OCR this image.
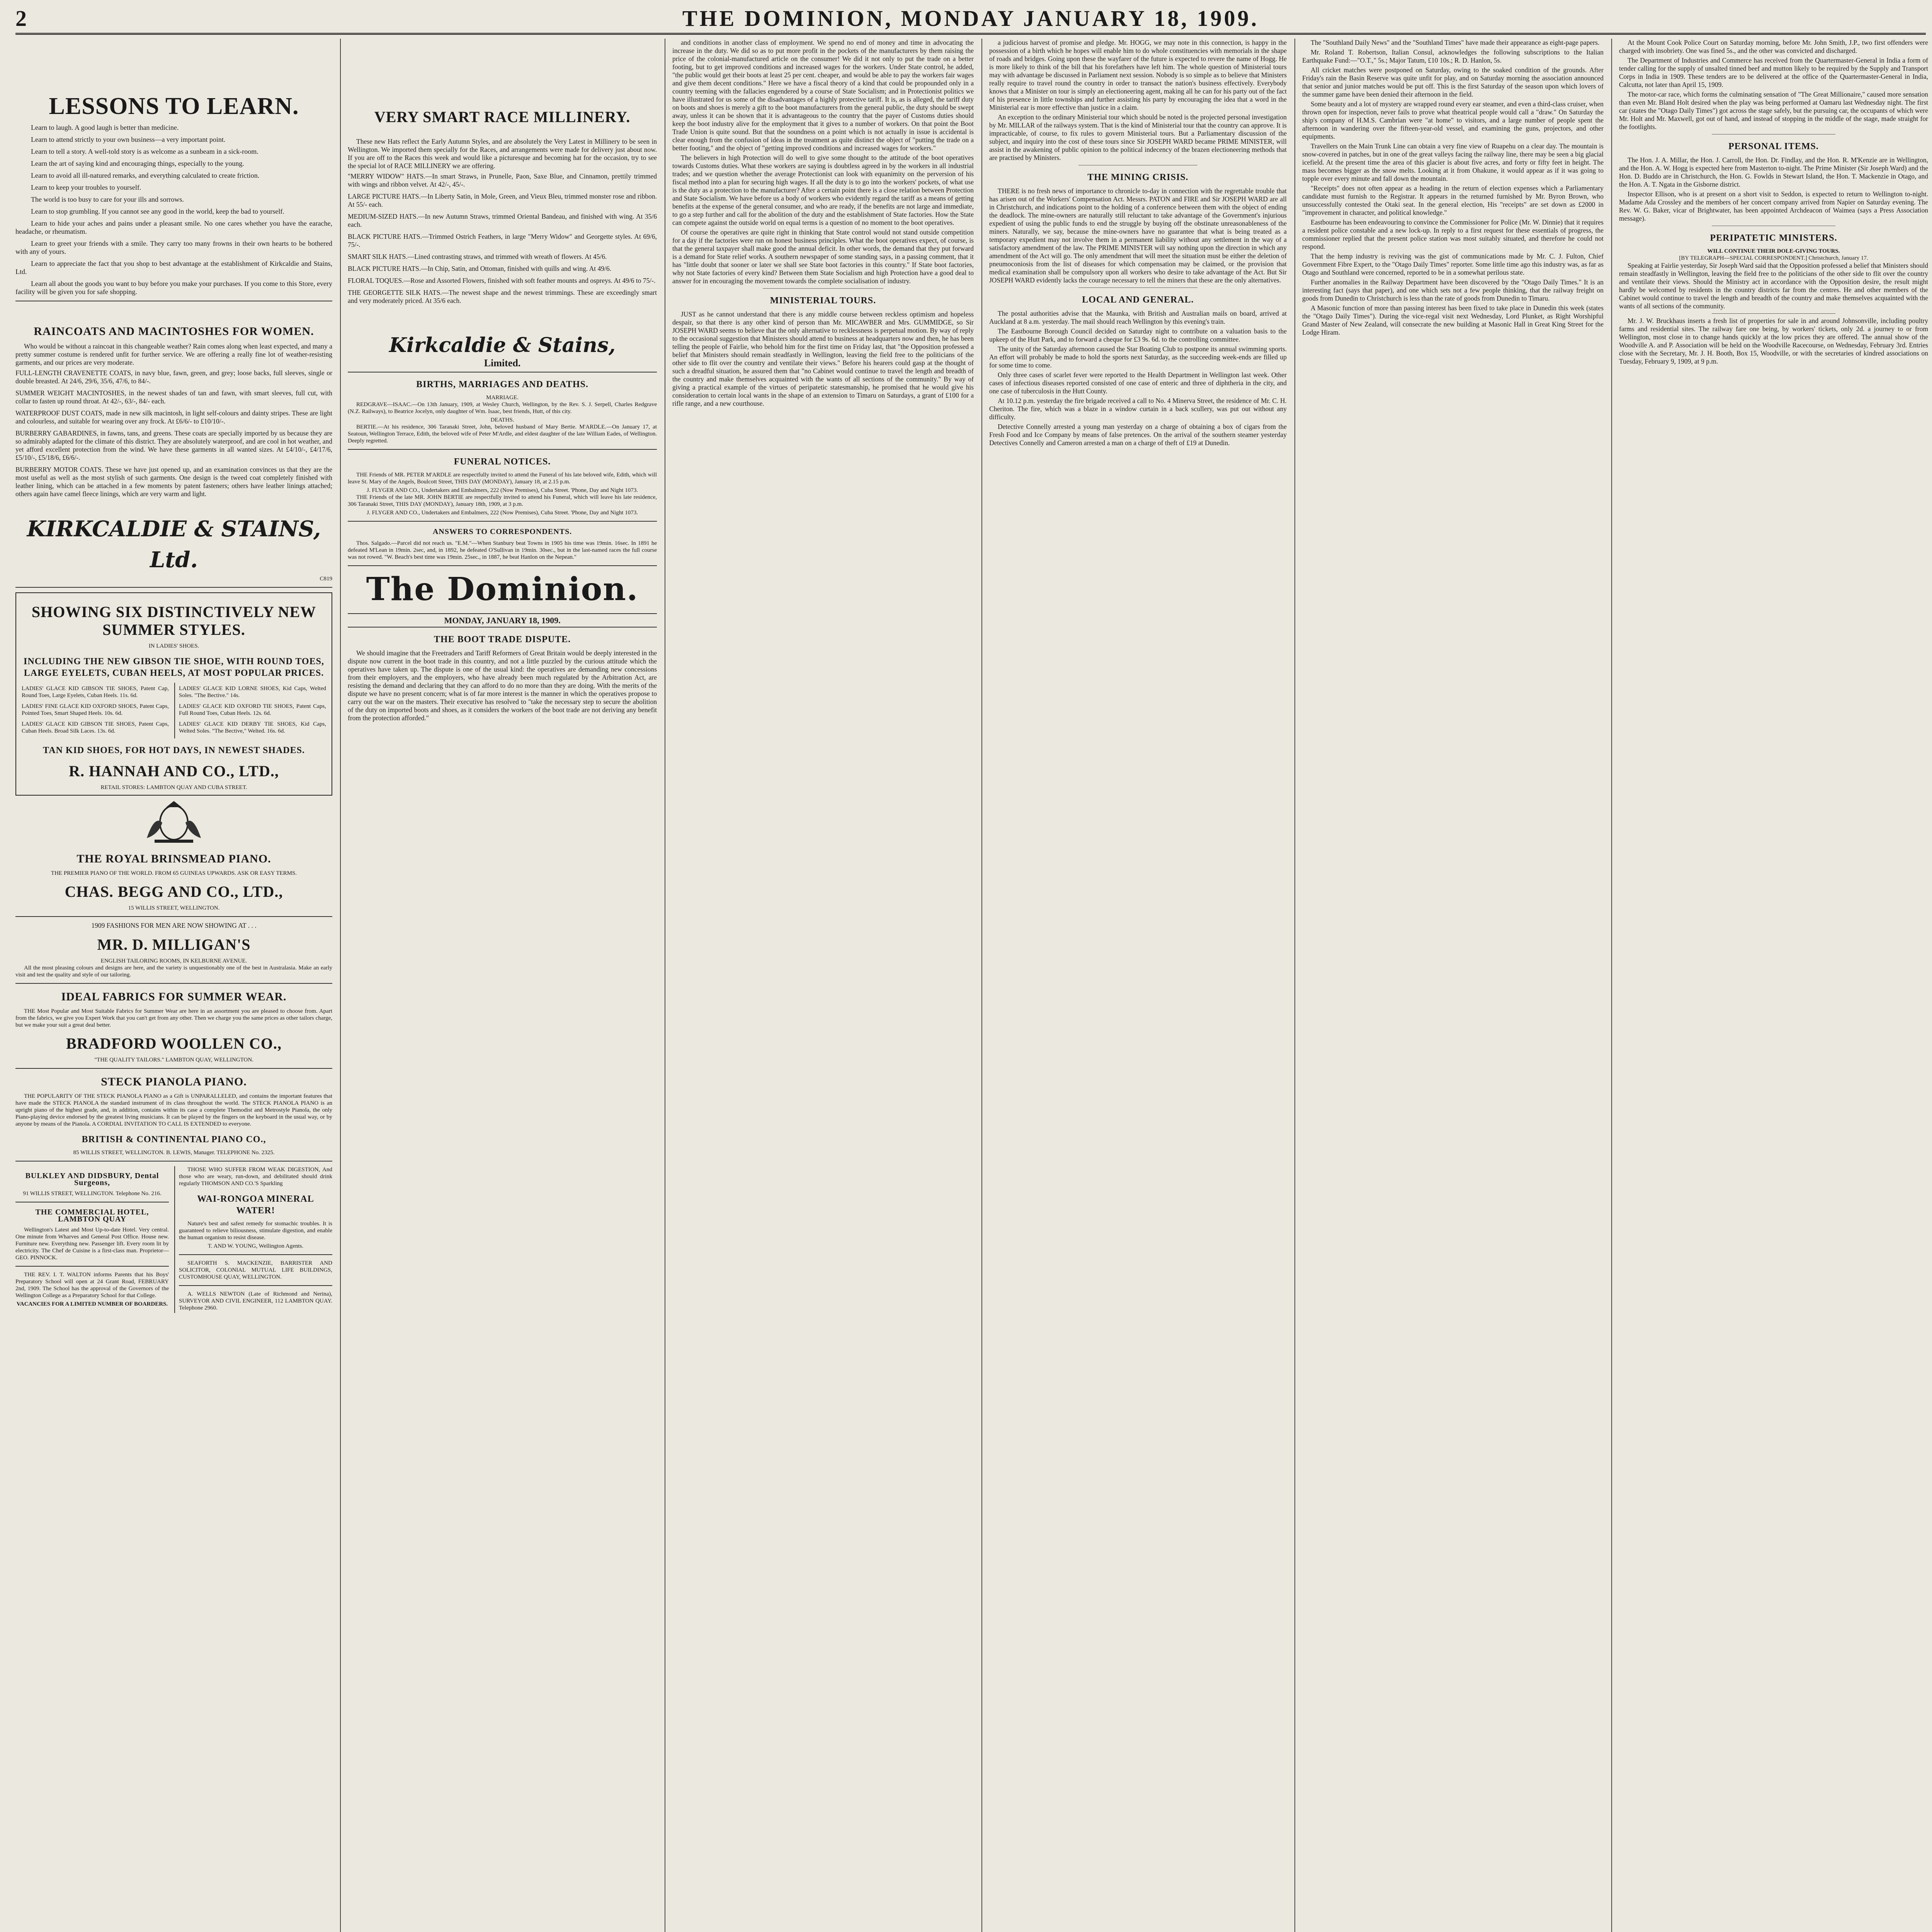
2	THE DOMINION, MONDAY JANUARY 18, 1909.
LESSONS TO LEARN.
Learn to laugh. A good laugh is better than medicine.
Learn to attend strictly to your own business—a very important point.
Learn to tell a story. A well-told story is as welcome as a sunbeam in a sick-room.
Learn the art of saying kind and encouraging things, especially to the young.
Learn to avoid all ill-natured remarks, and everything calculated to create friction.
Learn to keep your troubles to yourself.
The world is too busy to care for your ills and sorrows.
Learn to stop grumbling. If you cannot see any good in the world, keep the bad to yourself.
Learn to hide your aches and pains under a pleasant smile. No one cares whether you have the earache, headache, or rheumatism.
Learn to greet your friends with a smile. They carry too many frowns in their own hearts to be bothered with any of yours.
Learn to appreciate the fact that you shop to best advantage at the establishment of Kirkcaldie and Stains, Ltd.
Learn all about the goods you want to buy before you make your purchases. If you come to this Store, every facility will be given you for safe shopping.
RAINCOATS AND MACINTOSHES FOR WOMEN.

Who would be without a raincoat in this changeable weather? Rain comes along when least expected, and many a pretty summer costume is rendered unfit for further service. We are offering a really fine lot of weather-resisting garments, and our prices are very moderate.

FULL-LENGTH CRAVENETTE COATS, in navy blue, fawn, green, and grey; loose backs, full sleeves, single or double breasted. At 24/6, 29/6, 35/6, 47/6, to 84/-.
SUMMER WEIGHT MACINTOSHES, in the newest shades of tan and fawn, with smart sleeves, full cut, with collar to fasten up round throat. At 42/-, 63/-, 84/- each.
WATERPROOF DUST COATS, made in new silk macintosh, in light self-colours and dainty stripes. These are light and colourless, and suitable for wearing over any frock. At £6/6/- to £10/10/-.
BURBERRY GABARDINES, in fawns, tans, and greens. These coats are specially imported by us because they are so admirably adapted for the climate of this district. They are absolutely waterproof, and are cool in hot weather, and yet afford excellent protection from the wind. We have these garments in all wanted sizes. At £4/10/-, £4/17/6, £5/10/-, £5/18/6, £6/6/-.
BURBERRY MOTOR COATS. These we have just opened up, and an examination convinces us that they are the most useful as well as the most stylish of such garments. One design is the tweed coat completely finished with leather lining, which can be attached in a few moments by patent fasteners; others have leather linings attached; others again have camel fleece linings, which are very warm and light.
KIRKCALDIE & STAINS, Ltd.
C819
SHOWING SIX DISTINCTIVELY NEW SUMMER STYLES.
IN LADIES' SHOES.
INCLUDING THE NEW GIBSON TIE SHOE, WITH ROUND TOES, LARGE EYELETS, CUBAN HEELS, AT MOST POPULAR PRICES.
LADIES' GLACE KID GIBSON TIE SHOES, Patent Cap, Round Toes, Large Eyelets, Cuban Heels. 11s. 6d.
LADIES' FINE GLACE KID OXFORD SHOES, Patent Caps, Pointed Toes, Smart Shaped Heels. 10s. 6d.
LADIES' GLACE KID GIBSON TIE SHOES, Patent Caps, Cuban Heels. Broad Silk Laces. 13s. 6d.
LADIES' GLACE KID LORNE SHOES, Kid Caps, Welted Soles. "The Bective." 14s.
LADIES' GLACE KID OXFORD TIE SHOES, Patent Caps, Full Round Toes, Cuban Heels. 12s. 6d.
LADIES' GLACE KID DERBY TIE SHOES, Kid Caps, Welted Soles. "The Bective," Welted. 16s. 6d.
TAN KID SHOES, FOR HOT DAYS, IN NEWEST SHADES.
R. HANNAH AND CO., LTD.,
RETAIL STORES: LAMBTON QUAY AND CUBA STREET.
THE ROYAL BRINSMEAD PIANO.
THE PREMIER PIANO OF THE WORLD. FROM 65 GUINEAS UPWARDS. ASK OR EASY TERMS.
CHAS. BEGG AND CO., LTD.,
15 WILLIS STREET, WELLINGTON.
1909 FASHIONS FOR MEN ARE NOW SHOWING AT . . .
MR. D. MILLIGAN'S
ENGLISH TAILORING ROOMS, IN KELBURNE AVENUE.

All the most pleasing colours and designs are here, and the variety is unquestionably one of the best in Australasia. Make an early visit and test the quality and style of our tailoring.

IDEAL FABRICS FOR SUMMER WEAR.

THE Most Popular and Most Suitable Fabrics for Summer Wear are here in an assortment you are pleased to choose from. Apart from the fabrics, we give you Expert Work that you can't get from any other. Then we charge you the same prices as other tailors charge, but we make your suit a great deal better.

BRADFORD WOOLLEN CO.,
"THE QUALITY TAILORS." LAMBTON QUAY, WELLINGTON.
STECK PIANOLA PIANO.

THE POPULARITY OF THE STECK PIANOLA PIANO as a Gift is UNPARALLELED, and contains the important features that have made the STECK PIANOLA the standard instrument of its class throughout the world. The STECK PIANOLA PIANO is an upright piano of the highest grade, and, in addition, contains within its case a complete Themodist and Metrostyle Pianola, the only Piano-playing device endorsed by the greatest living musicians. It can be played by the fingers on the keyboard in the usual way, or by anyone by means of the Pianola. A CORDIAL INVITATION TO CALL IS EXTENDED to everyone.

BRITISH & CONTINENTAL PIANO CO.,
85 WILLIS STREET, WELLINGTON. B. LEWIS, Manager. TELEPHONE No. 2325.
BULKLEY AND DIDSBURY, Dental Surgeons,
91 WILLIS STREET, WELLINGTON. Telephone No. 216.
THE COMMERCIAL HOTEL, LAMBTON QUAY

Wellington's Latest and Most Up-to-date Hotel. Very central. One minute from Wharves and General Post Office. House new. Furniture new. Everything new. Passenger lift. Every room lit by electricity. The Chef de Cuisine is a first-class man. Proprietor—GEO. PINNOCK.

THE REV. I. T. WALTON informs Parents that his Boys' Preparatory School will open at 24 Grant Road, FEBRUARY 2nd, 1909. The School has the approval of the Governors of the Wellington College as a Preparatory School for that College.

VACANCIES FOR A LIMITED NUMBER OF BOARDERS.

THOSE WHO SUFFER FROM WEAK DIGESTION, And those who are weary, run-down, and debilitated should drink regularly THOMSON AND CO.'S Sparkling

WAI-RONGOA MINERAL WATER!

Nature's best and safest remedy for stomachic troubles. It is guaranteed to relieve biliousness, stimulate digestion, and enable the human organism to resist disease.

T. AND W. YOUNG, Wellington Agents.

SEAFORTH S. MACKENZIE, BARRISTER AND SOLICITOR, COLONIAL MUTUAL LIFE BUILDINGS, CUSTOMHOUSE QUAY, WELLINGTON.

A. WELLS NEWTON (Late of Richmond and Nerina), SURVEYOR AND CIVIL ENGINEER, 112 LAMBTON QUAY. Telephone 2960.

VERY SMART RACE MILLINERY.

These new Hats reflect the Early Autumn Styles, and are absolutely the Very Latest in Millinery to be seen in Wellington. We imported them specially for the Races, and arrangements were made for delivery just about now. If you are off to the Races this week and would like a picturesque and becoming hat for the occasion, try to see the special lot of RACE MILLINERY we are offering.

"MERRY WIDOW" HATS.—In smart Straws, in Prunelle, Paon, Saxe Blue, and Cinnamon, prettily trimmed with wings and ribbon velvet. At 42/-, 45/-.
LARGE PICTURE HATS.—In Liberty Satin, in Mole, Green, and Vieux Bleu, trimmed monster rose and ribbon. At 55/- each.
MEDIUM-SIZED HATS.—In new Autumn Straws, trimmed Oriental Bandeau, and finished with wing. At 35/6 each.
BLACK PICTURE HATS.—Trimmed Ostrich Feathers, in large "Merry Widow" and Georgette styles. At 69/6, 75/-.
SMART SILK HATS.—Lined contrasting straws, and trimmed with wreath of flowers. At 45/6.
BLACK PICTURE HATS.—In Chip, Satin, and Ottoman, finished with quills and wing. At 49/6.
FLORAL TOQUES.—Rose and Assorted Flowers, finished with soft feather mounts and ospreys. At 49/6 to 75/-.
THE GEORGETTE SILK HATS.—The newest shape and the newest trimmings. These are exceedingly smart and very moderately priced. At 35/6 each.
Kirkcaldie & Stains,
Limited.
BIRTHS, MARRIAGES AND DEATHS.
MARRIAGE.

REDGRAVE—ISAAC.—On 13th January, 1909, at Wesley Church, Wellington, by the Rev. S. J. Serpell, Charles Redgrave (N.Z. Railways), to Beatrice Jocelyn, only daughter of Wm. Isaac, best friends, Hutt, of this city.

DEATHS.

BERTIE.—At his residence, 306 Taranaki Street, John, beloved husband of Mary Bertie. M'ARDLE.—On January 17, at Seatoun, Wellington Terrace, Edith, the beloved wife of Peter M'Ardle, and eldest daughter of the late William Eades, of Wellington. Deeply regretted.

FUNERAL NOTICES.

THE Friends of MR. PETER M'ARDLE are respectfully invited to attend the Funeral of his late beloved wife, Edith, which will leave St. Mary of the Angels, Boulcott Street, THIS DAY (MONDAY), January 18, at 2.15 p.m.

J. FLYGER AND CO., Undertakers and Embalmers, 222 (Now Premises), Cuba Street. 'Phone, Day and Night 1073.

THE Friends of the late MR. JOHN BERTIE are respectfully invited to attend his Funeral, which will leave his late residence, 306 Taranaki Street, THIS DAY (MONDAY), January 18th, 1909, at 3 p.m.

J. FLYGER AND CO., Undertakers and Embalmers, 222 (Now Premises), Cuba Street. 'Phone, Day and Night 1073.
ANSWERS TO CORRESPONDENTS.

Thos. Salgado.—Parcel did not reach us. "E.M."—When Stanbury beat Towns in 1905 his time was 19min. 16sec. In 1891 he defeated M'Lean in 19min. 2sec, and, in 1892, he defeated O'Sullivan in 19min. 30sec., but in the last-named races the full course was not rowed. "W. Beach's best time was 19min. 25sec., in 1887, he beat Hanlon on the Nepean."

The Dominion.
MONDAY, JANUARY 18, 1909.
THE BOOT TRADE DISPUTE.

We should imagine that the Freetraders and Tariff Reformers of Great Britain would be deeply interested in the dispute now current in the boot trade in this country, and not a little puzzled by the curious attitude which the operatives have taken up. The dispute is one of the usual kind: the operatives are demanding new concessions from their employers, and the employers, who have already been much regulated by the Arbitration Act, are resisting the demand and declaring that they can afford to do no more than they are doing. With the merits of the dispute we have no present concern; what is of far more interest is the manner in which the operatives propose to carry out the war on the masters. Their executive has resolved to "take the necessary step to secure the abolition of the duty on imported boots and shoes, as it considers the workers of the boot trade are not deriving any benefit from the protection afforded."

and conditions in another class of employment. We spend no end of money and time in advocating the increase in the duty. We did so as to put more profit in the pockets of the manufacturers by them raising the price of the colonial-manufactured article on the consumer! We did it not only to put the trade on a better footing, but to get improved conditions and increased wages for the workers. Under State control, he added, "the public would get their boots at least 25 per cent. cheaper, and would be able to pay the workers fair wages and give them decent conditions." Here we have a fiscal theory of a kind that could be propounded only in a country teeming with the fallacies engendered by a course of State Socialism; and in Protectionist politics we have illustrated for us some of the disadvantages of a highly protective tariff. It is, as is alleged, the tariff duty on boots and shoes is merely a gift to the boot manufacturers from the general public, the duty should be swept away, unless it can be shown that it is advantageous to the country that the payer of Customs duties should keep the boot industry alive for the employment that it gives to a number of workers. On that point the Boot Trade Union is quite sound. But that the soundness on a point which is not actually in issue is accidental is clear enough from the confusion of ideas in the treatment as quite distinct the object of "putting the trade on a better footing," and the object of "getting improved conditions and increased wages for workers."

The believers in high Protection will do well to give some thought to the attitude of the boot operatives towards Customs duties. What these workers are saying is doubtless agreed in by the workers in all industrial trades; and we question whether the average Protectionist can look with equanimity on the perversion of his fiscal method into a plan for securing high wages. If all the duty is to go into the workers' pockets, of what use is the duty as a protection to the manufacturer? After a certain point there is a close relation between Protection and State Socialism. We have before us a body of workers who evidently regard the tariff as a means of getting benefits at the expense of the general consumer, and who are ready, if the benefits are not large and immediate, to go a step further and call for the abolition of the duty and the establishment of State factories. How the State can compete against the outside world on equal terms is a question of no moment to the boot operatives.

Of course the operatives are quite right in thinking that State control would not stand outside competition for a day if the factories were run on honest business principles. What the boot operatives expect, of course, is that the general taxpayer shall make good the annual deficit. In other words, the demand that they put forward is a demand for State relief works. A southern newspaper of some standing says, in a passing comment, that it has "little doubt that sooner or later we shall see State boot factories in this country." If State boot factories, why not State factories of every kind? Between them State Socialism and high Protection have a good deal to answer for in encouraging the movement towards the complete socialisation of industry.

MINISTERIAL TOURS.

JUST as he cannot understand that there is any middle course between reckless optimism and hopeless despair, so that there is any other kind of person than Mr. MICAWBER and Mrs. GUMMIDGE, so Sir JOSEPH WARD seems to believe that the only alternative to recklessness is perpetual motion. By way of reply to the occasional suggestion that Ministers should attend to business at headquarters now and then, he has been telling the people of Fairlie, who behold him for the first time on Friday last, that "the Opposition professed a belief that Ministers should remain steadfastly in Wellington, leaving the field free to the politicians of the other side to flit over the country and ventilate their views." Before his hearers could gasp at the thought of such a dreadful situation, he assured them that "no Cabinet would continue to travel the length and breadth of the country and make themselves acquainted with the wants of all sections of the community." By way of giving a practical example of the virtues of peripatetic statesmanship, he promised that he would give his consideration to certain local wants in the shape of an extension to Timaru on Saturdays, a grant of £100 for a rifle range, and a new courthouse.

a judicious harvest of promise and pledge. Mr. HOGG, we may note in this connection, is happy in the possession of a birth which he hopes will enable him to do whole constituencies with memorials in the shape of roads and bridges. Going upon these the wayfarer of the future is expected to revere the name of Hogg. He is more likely to think of the bill that his forefathers have left him. The whole question of Ministerial tours may with advantage be discussed in Parliament next session. Nobody is so simple as to believe that Ministers really require to travel round the country in order to transact the nation's business effectively. Everybody knows that a Minister on tour is simply an electioneering agent, making all he can for his party out of the fact of his presence in little townships and further assisting his party by encouraging the idea that a word in the Ministerial ear is more effective than justice in a claim.

An exception to the ordinary Ministerial tour which should be noted is the projected personal investigation by Mr. MILLAR of the railways system. That is the kind of Ministerial tour that the country can approve. It is impracticable, of course, to fix rules to govern Ministerial tours. But a Parliamentary discussion of the subject, and inquiry into the cost of these tours since Sir JOSEPH WARD became PRIME MINISTER, will assist in the awakening of public opinion to the political indecency of the brazen electioneering methods that are practised by Ministers.

THE MINING CRISIS.

THERE is no fresh news of importance to chronicle to-day in connection with the regrettable trouble that has arisen out of the Workers' Compensation Act. Messrs. PATON and FIRE and Sir JOSEPH WARD are all in Christchurch, and indications point to the holding of a conference between them with the object of ending the deadlock. The mine-owners are naturally still reluctant to take advantage of the Government's injurious expedient of using the public funds to end the struggle by buying off the obstinate unreasonableness of the miners. Naturally, we say, because the mine-owners have no guarantee that what is being treated as a temporary expedient may not involve them in a permanent liability without any settlement in the way of a satisfactory amendment of the law. The PRIME MINISTER will say nothing upon the direction in which any amendment of the Act will go. The only amendment that will meet the situation must be either the deletion of pneumoconiosis from the list of diseases for which compensation may be claimed, or the provision that medical examination shall be compulsory upon all workers who desire to take advantage of the Act. But Sir JOSEPH WARD evidently lacks the courage necessary to tell the miners that these are the only alternatives.

LOCAL AND GENERAL.

The postal authorities advise that the Maunka, with British and Australian mails on board, arrived at Auckland at 8 a.m. yesterday. The mail should reach Wellington by this evening's train.

The Eastbourne Borough Council decided on Saturday night to contribute on a valuation basis to the upkeep of the Hutt Park, and to forward a cheque for £3 9s. 6d. to the controlling committee.

The unity of the Saturday afternoon caused the Star Boating Club to postpone its annual swimming sports. An effort will probably be made to hold the sports next Saturday, as the succeeding week-ends are filled up for some time to come.

Only three cases of scarlet fever were reported to the Health Department in Wellington last week. Other cases of infectious diseases reported consisted of one case of enteric and three of diphtheria in the city, and one case of tuberculosis in the Hutt County.

At 10.12 p.m. yesterday the fire brigade received a call to No. 4 Minerva Street, the residence of Mr. C. H. Cheriton. The fire, which was a blaze in a window curtain in a back scullery, was put out without any difficulty.

Detective Connelly arrested a young man yesterday on a charge of obtaining a box of cigars from the Fresh Food and Ice Company by means of false pretences. On the arrival of the southern steamer yesterday Detectives Connelly and Cameron arrested a man on a charge of theft of £19 at Dunedin.

The "Southland Daily News" and the "Southland Times" have made their appearance as eight-page papers.

Mr. Roland T. Robertson, Italian Consul, acknowledges the following subscriptions to the Italian Earthquake Fund:—"O.T.," 5s.; Major Tatum, £10 10s.; R. D. Hanlon, 5s.

All cricket matches were postponed on Saturday, owing to the soaked condition of the grounds. After Friday's rain the Basin Reserve was quite unfit for play, and on Saturday morning the association announced that senior and junior matches would be put off. This is the first Saturday of the season upon which lovers of the summer game have been denied their afternoon in the field.

Some beauty and a lot of mystery are wrapped round every ear steamer, and even a third-class cruiser, when thrown open for inspection, never fails to prove what theatrical people would call a "draw." On Saturday the ship's company of H.M.S. Cambrian were "at home" to visitors, and a large number of people spent the afternoon in wandering over the fifteen-year-old vessel, and examining the guns, projectors, and other equipments.

Travellers on the Main Trunk Line can obtain a very fine view of Ruapehu on a clear day. The mountain is snow-covered in patches, but in one of the great valleys facing the railway line, there may be seen a big glacial icefield. At the present time the area of this glacier is about five acres, and forty or fifty feet in height. The mass becomes bigger as the snow melts. Looking at it from Ohakune, it would appear as if it was going to topple over every minute and fall down the mountain.

"Receipts" does not often appear as a heading in the return of election expenses which a Parliamentary candidate must furnish to the Registrar. It appears in the returned furnished by Mr. Byron Brown, who unsuccessfully contested the Otaki seat. In the general election, His "receipts" are set down as £2000 in "improvement in character, and political knowledge."

Eastbourne has been endeavouring to convince the Commissioner for Police (Mr. W. Dinnie) that it requires a resident police constable and a new lock-up. In reply to a first request for these essentials of progress, the commissioner replied that the present police station was most suitably situated, and therefore he could not respond.

That the hemp industry is reviving was the gist of communications made by Mr. C. J. Fulton, Chief Government Fibre Expert, to the "Otago Daily Times" reporter. Some little time ago this industry was, as far as Otago and Southland were concerned, reported to be in a somewhat perilous state.

Further anomalies in the Railway Department have been discovered by the "Otago Daily Times." It is an interesting fact (says that paper), and one which sets not a few people thinking, that the railway freight on goods from Dunedin to Christchurch is less than the rate of goods from Dunedin to Timaru.

A Masonic function of more than passing interest has been fixed to take place in Dunedin this week (states the "Otago Daily Times"). During the vice-regal visit next Wednesday, Lord Plunket, as Right Worshipful Grand Master of New Zealand, will consecrate the new building at Masonic Hall in Great King Street for the Lodge Hiram.

At the Mount Cook Police Court on Saturday morning, before Mr. John Smith, J.P., two first offenders were charged with insobriety. One was fined 5s., and the other was convicted and discharged.

The Department of Industries and Commerce has received from the Quartermaster-General in India a form of tender calling for the supply of unsalted tinned beef and mutton likely to be required by the Supply and Transport Corps in India in 1909. These tenders are to be delivered at the office of the Quartermaster-General in India, Calcutta, not later than April 15, 1909.

The motor-car race, which forms the culminating sensation of "The Great Millionaire," caused more sensation than even Mr. Bland Holt desired when the play was being performed at Oamaru last Wednesday night. The first car (states the "Otago Daily Times") got across the stage safely, but the pursuing car, the occupants of which were Mr. Holt and Mr. Maxwell, got out of hand, and instead of stopping in the middle of the stage, made straight for the footlights.

PERSONAL ITEMS.

The Hon. J. A. Millar, the Hon. J. Carroll, the Hon. Dr. Findlay, and the Hon. R. M'Kenzie are in Wellington, and the Hon. A. W. Hogg is expected here from Masterton to-night. The Prime Minister (Sir Joseph Ward) and the Hon. D. Buddo are in Christchurch, the Hon. G. Fowlds in Stewart Island, the Hon. T. Mackenzie in Otago, and the Hon. A. T. Ngata in the Gisborne district.

Inspector Ellison, who is at present on a short visit to Seddon, is expected to return to Wellington to-night. Madame Ada Crossley and the members of her concert company arrived from Napier on Saturday evening. The Rev. W. G. Baker, vicar of Brightwater, has been appointed Archdeacon of Waimea (says a Press Association message).

PERIPATETIC MINISTERS.
WILL CONTINUE THEIR DOLE-GIVING TOURS.
[BY TELEGRAPH—SPECIAL CORRESPONDENT.] Christchurch, January 17.

Speaking at Fairlie yesterday, Sir Joseph Ward said that the Opposition professed a belief that Ministers should remain steadfastly in Wellington, leaving the field free to the politicians of the other side to flit over the country and ventilate their views. Should the Ministry act in accordance with the Opposition desire, the result might hardly be welcomed by residents in the country districts far from the centres. He and other members of the Cabinet would continue to travel the length and breadth of the country and make themselves acquainted with the wants of all sections of the community.

Mr. J. W. Bruckhaus inserts a fresh list of properties for sale in and around Johnsonville, including poultry farms and residential sites. The railway fare one being, by workers' tickets, only 2d. a journey to or from Wellington, most close in to change hands quickly at the low prices they are offered. The annual show of the Woodville A. and P. Association will be held on the Woodville Racecourse, on Wednesday, February 3rd. Entries close with the Secretary, Mr. J. H. Booth, Box 15, Woodville, or with the secretaries of kindred associations on Tuesday, February 9, 1909, at 9 p.m.
